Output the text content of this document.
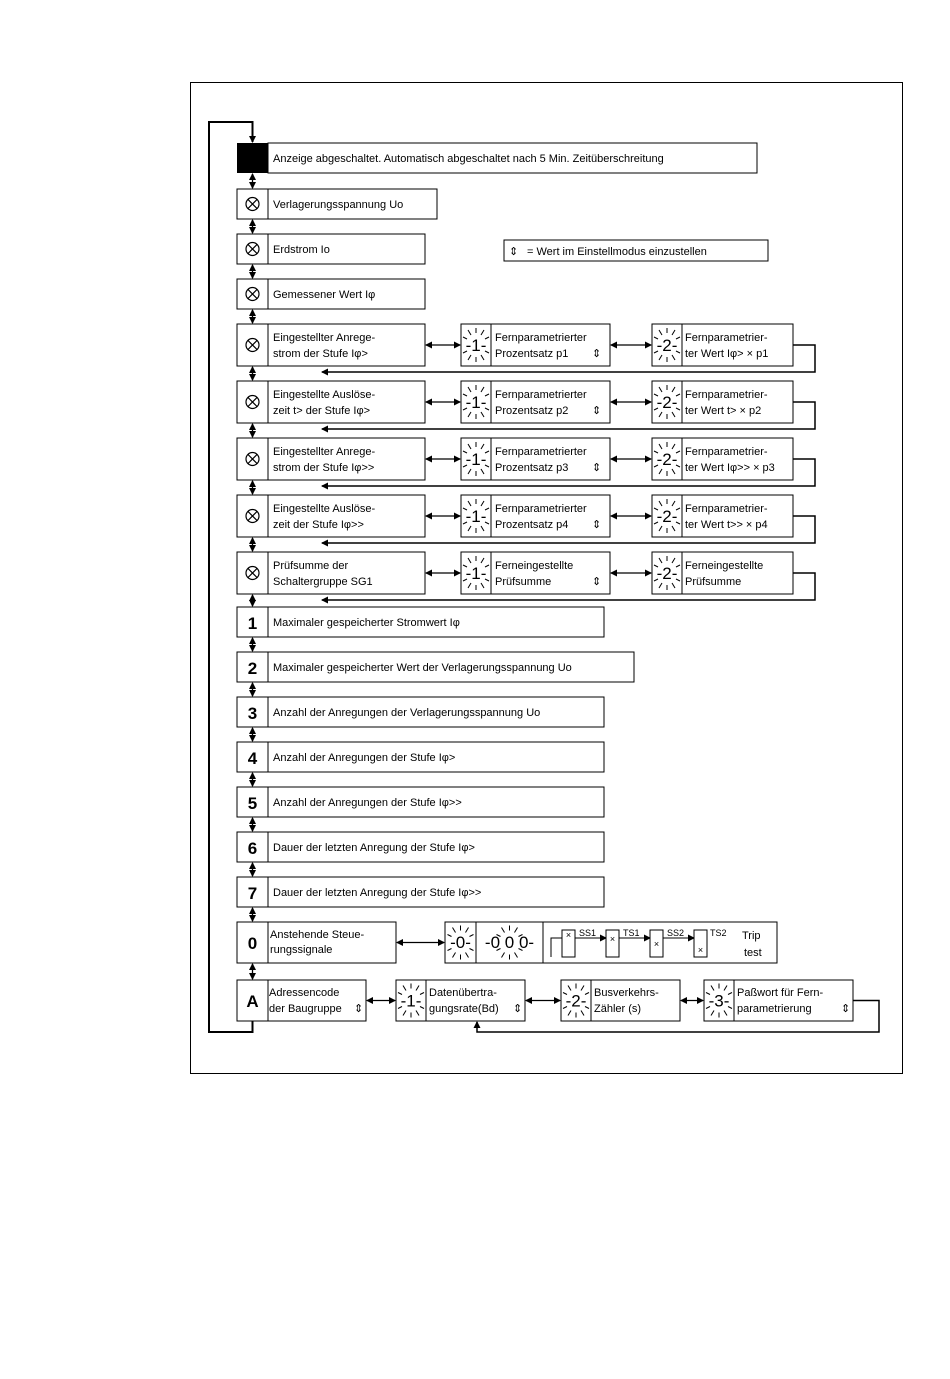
Anzeige abgeschaltet. Automatisch abgeschaltet nach 5 Min. Zeitüberschreitung
⇕ = Wert im Einstellmodus einzustellen
Verlagerungsspannung Uo
Erdstrom Io
Gemessener Wert Iφ
Eingestellter Anrege-
strom der Stufe Iφ>	-1- Fernparametrierter
Prozentsatz p1 ⇕	-2- Fernparametrier-
ter Wert Iφ> × p1
Eingestellte Auslöse-
zeit t> der Stufe Iφ>	-1- Fernparametrierter
Prozentsatz p2 ⇕	-2- Fernparametrier-
ter Wert t> × p2
Eingestellter Anrege-
strom der Stufe Iφ>>	-1- Fernparametrierter
Prozentsatz p3 ⇕	-2- Fernparametrier-
ter Wert Iφ>> × p3
Eingestellte Auslöse-
zeit der Stufe Iφ>>	-1- Fernparametrierter
Prozentsatz p4 ⇕	-2- Fernparametrier-
ter Wert t>> × p4
Prüfsumme der
Schaltergruppe SG1	-1- Ferneingestellte
Prüfsumme	⇕	-2- Ferneingestellte
Prüfsumme
1 Maximaler gespeicherter Stromwert Iφ
2 Maximaler gespeicherter Wert der Verlagerungsspannung Uo
3 Anzahl der Anregungen der Verlagerungsspannung Uo
4 Anzahl der Anregungen der Stufe Iφ>
5 Anzahl der Anregungen der Stufe Iφ>>
6 Dauer der letzten Anregung der Stufe Iφ>
7 Dauer der letzten Anregung der Stufe Iφ>>
0 Anstehende Steue-
rungssignale	-0- -0 0 0-	× SS1
×
TS1
×
SS2
×
TS2 Trip
test
A Adressencode
der Baugruppe ⇕ -1- Datenübertra-
gungsrate(Bd) ⇕	-2- Busverkehrs-
Zähler (s)	-3- Paßwort für Fern-
parametrierung	⇕
